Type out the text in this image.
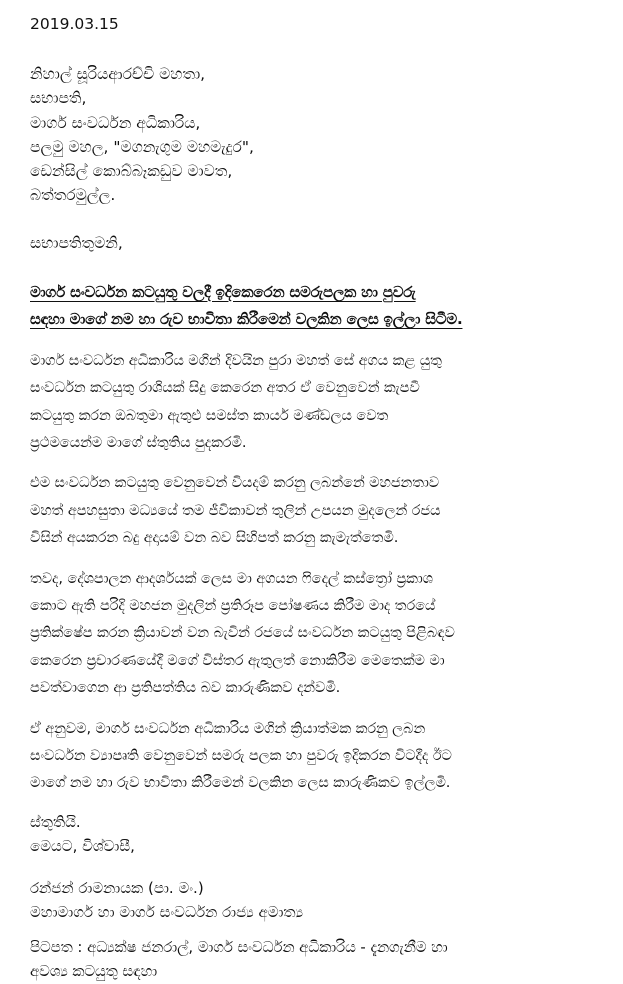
2019.03.15
නිහාල් සූරියආරච්චි මහතා,
සභාපති,
මාර්ග සංවර්ධන අධිකාරිය,
පලමු මහල, "මගනැගුම මහමැදුර",
ඩෙන්සිල් කොබ්බෑකඩුව මාවත,
බත්තරමුල්ල.
සභාපතිතුමනි,
මාර්ග සංවර්ධන කටයුතු වලදී ඉදිකෙරෙන සමරුපලක හා පුවරු
සඳහා මාගේ නම හා රුව භාවිතා කිරීමෙන් වලකින ලෙස ඉල්ලා සිටීම.
මාර්ග සංවර්ධන අධිකාරිය මගින් දිවයින පුරා මහත් සේ අගය කළ යුතු
සංවර්ධන කටයුතු රාශියක් සිදු කෙරෙන අතර ඒ වෙනුවෙන් කැපවී
කටයුතු කරන ඔබතුමා ඇතුළු සමස්ත කාර්ය මණ්ඩලය වෙත
ප්‍රථමයෙන්ම මාගේ ස්තුතිය පුදකරමි.
එම සංවර්ධන කටයුතු වෙනුවෙන් වියදම් කරනු ලබන්නේ මහජනතාව
මහත් අපහසුතා මධ්‍යයේ තම ජීවිකාවන් තුලින් උපයන මුදලෙන් රජය
විසින් අයකරන බදු අදායම් වන බව සිහිපත් කරනු කැමැත්තෙමි.
තවද, දේශපාලන ආදර්ශයක් ලෙස මා අගයන ෆිදෙල් කස්ත්‍රෝ ප්‍රකාශ
කොට ඇති පරිදි මහජන මුදලින් ප්‍රතිරූප පෝෂණය කිරීම මාද තරයේ
ප්‍රතික්ෂේප කරන ක්‍රියාවන් වන බැවින් රජයේ සංවර්ධන කටයුතු පිළිබඳව
කෙරෙන ප්‍රචාරණයේදී මගේ විස්තර ඇතුලත් නොකිරීම මෙතෙක්ම මා
පවත්වාගෙන ආ ප්‍රතිපත්තිය බව කාරුණිකව දන්වමි.
ඒ අනුවම, මාර්ග සංවර්ධන අධිකාරිය මගින් ක්‍රියාත්මක කරනු ලබන
සංවර්ධන ව්‍යාපෘති වෙනුවෙන් සමරු පලක හා පුවරු ඉදිකරන විටදීද ඊට
මාගේ නම හා රුව භාවිතා කිරීමෙන් වලකින ලෙස කාරුණිකව ඉල්ලමි.
ස්තුතියි.
මෙයට, විශ්වාසී,
රන්ජන් රාමනායක (පා. මං.)
මහාමාර්ග හා මාර්ග සංවර්ධන රාජ්‍ය අමාත්‍ය
පිටපත : අධ්‍යක්ෂ ජනරාල්, මාර්ග සංවර්ධන අධිකාරිය - දැනගැනීම හා
අවශ්‍ය කටයුතු සඳහා
